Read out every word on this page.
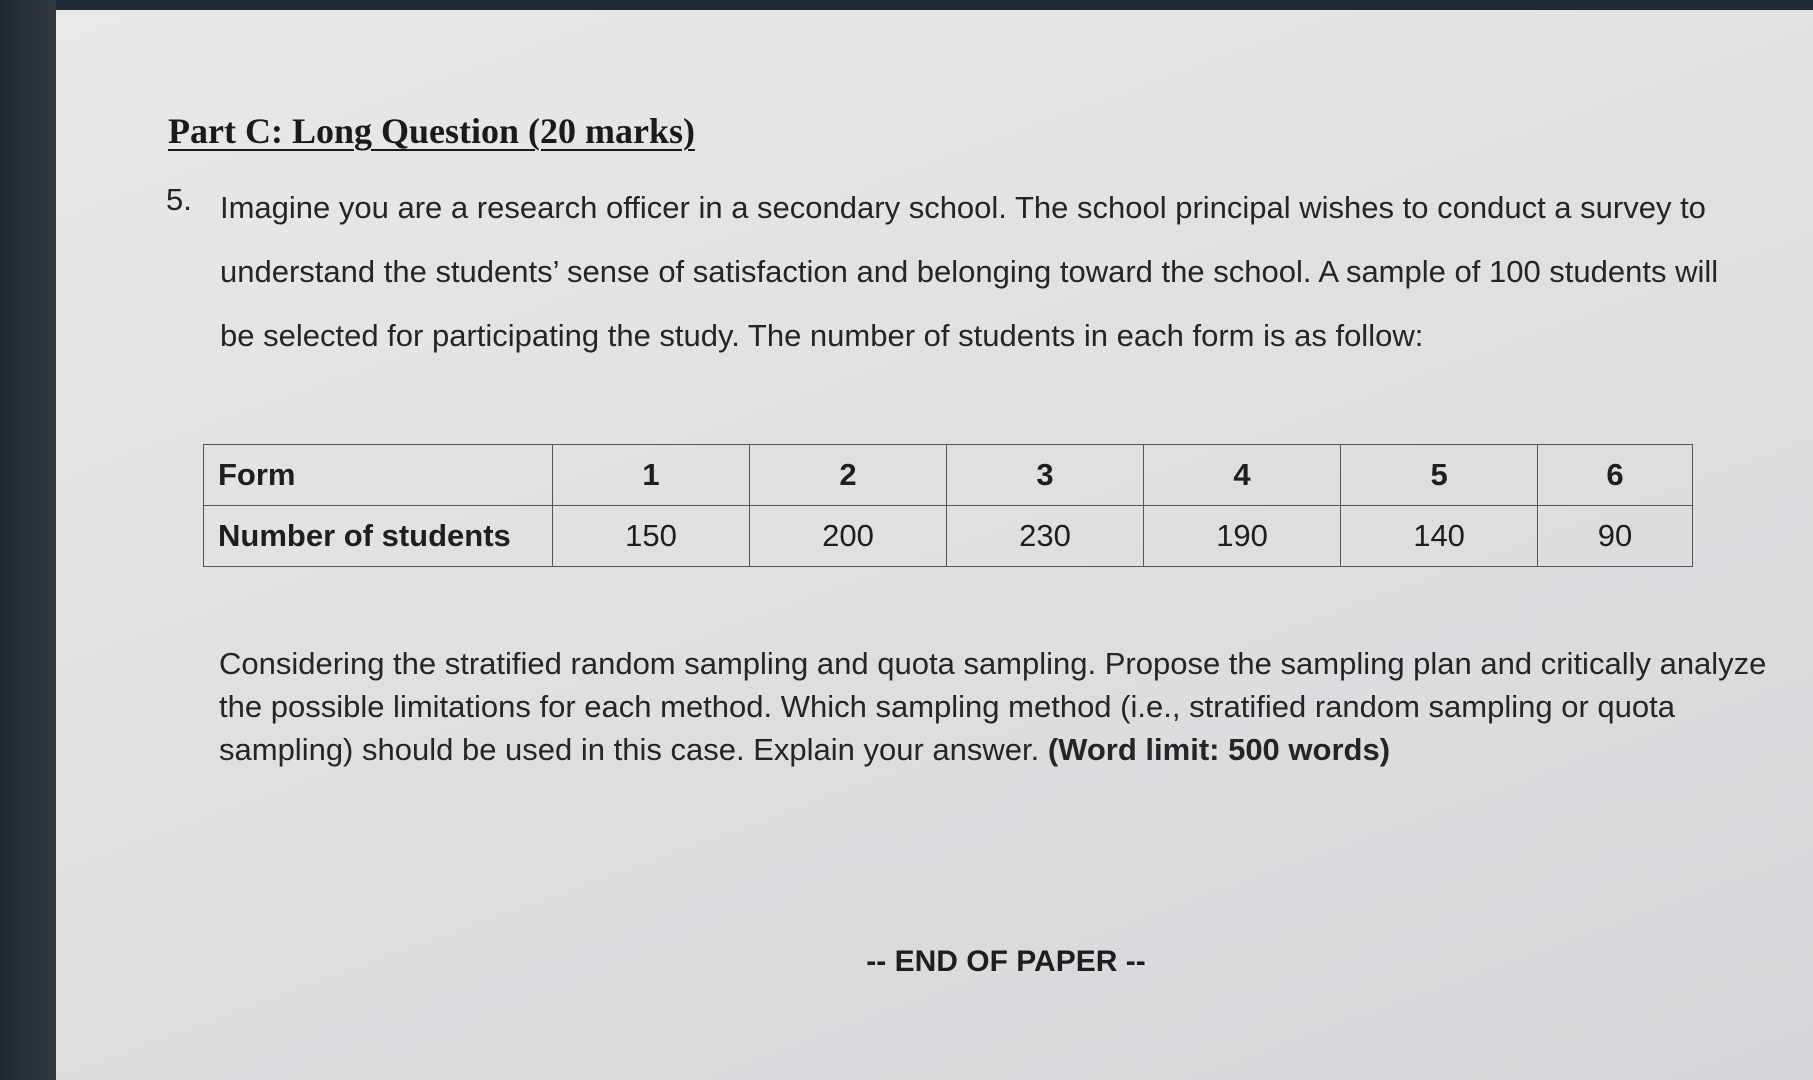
Part C: Long Question (20 marks)
5. Imagine you are a research officer in a secondary school. The school principal wishes to conduct a survey to understand the students’ sense of satisfaction and belonging toward the school. A sample of 100 students will be selected for participating the study. The number of students in each form is as follow:

Form	1	2	3	4	5	6
Number of students	150	200	230	190	140	90

Considering the stratified random sampling and quota sampling. Propose the sampling plan and critically analyze the possible limitations for each method. Which sampling method (i.e., stratified random sampling or quota sampling) should be used in this case. Explain your answer. (Word limit: 500 words)

-- END OF PAPER --
